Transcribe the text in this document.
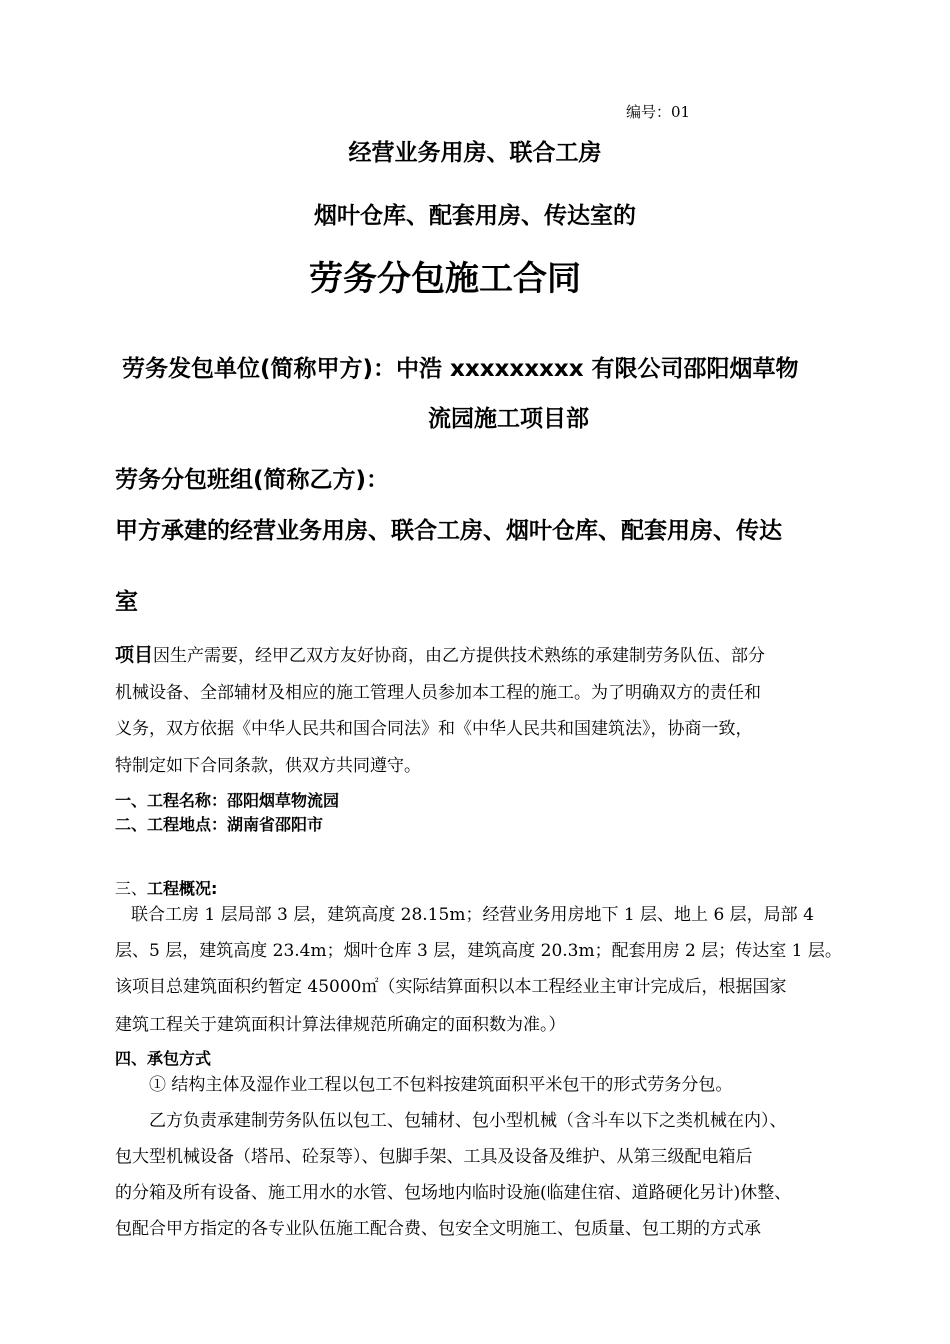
编号：01
经营业务用房、联合工房
烟叶仓库、配套用房、传达室的
劳务分包施工合同
劳务发包单位(简称甲方)：中浩 xxxxxxxxx 有限公司邵阳烟草物
流园施工项目部
劳务分包班组(简称乙方)：
甲方承建的经营业务用房、联合工房、烟叶仓库、配套用房、传达
室
项目因生产需要，经甲乙双方友好协商，由乙方提供技术熟练的承建制劳务队伍、部分
机械设备、全部辅材及相应的施工管理人员参加本工程的施工。为了明确双方的责任和
义务，双方依据《中华人民共和国合同法》和《中华人民共和国建筑法》，协商一致，
特制定如下合同条款，供双方共同遵守。
一、工程名称：邵阳烟草物流园
二、工程地点：湖南省邵阳市
三、工程概况:
联合工房 1 层局部 3 层，建筑高度 28.15m；经营业务用房地下 1 层、地上 6 层，局部 4
层、5 层，建筑高度 23.4m；烟叶仓库 3 层，建筑高度 20.3m；配套用房 2 层；传达室 1 层。
该项目总建筑面积约暂定 45000㎡（实际结算面积以本工程经业主审计完成后，根据国家
建筑工程关于建筑面积计算法律规范所确定的面积数为准。）
四、承包方式
① 结构主体及湿作业工程以包工不包料按建筑面积平米包干的形式劳务分包。
乙方负责承建制劳务队伍以包工、包辅材、包小型机械（含斗车以下之类机械在内）、
包大型机械设备（塔吊、砼泵等）、包脚手架、工具及设备及维护、从第三级配电箱后
的分箱及所有设备、施工用水的水管、包场地内临时设施(临建住宿、道路硬化另计)休整、
包配合甲方指定的各专业队伍施工配合费、包安全文明施工、包质量、包工期的方式承
